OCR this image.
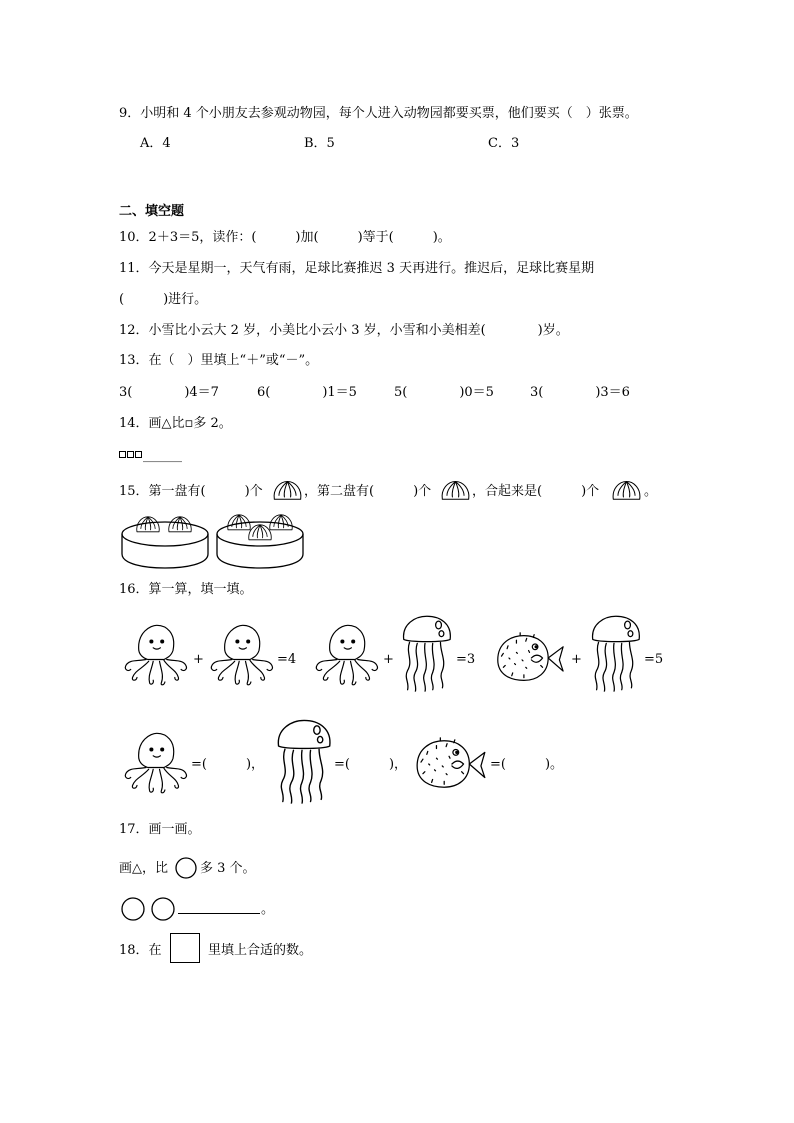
9．小明和 4 个小朋友去参观动物园，每个人进入动物园都要买票，他们要买（　）张票。
A．4	B．5	C．3
二、填空题
10．2＋3＝5，读作：(　　　)加(　　　)等于(　　　)。
11．今天是星期一，天气有雨，足球比赛推迟 3 天再进行。推迟后，足球比赛星期
(　　　)进行。
12．小雪比小云大 2 岁，小美比小云小 3 岁，小雪和小美相差(　　　　)岁。
13．在（　）里填上“＋”或“－”。
3(　　　　)4＝7	6(　　　　)1＝5	5(　　　　)0＝5	3(　　　　)3＝6
14．画△比▫多 2。
______
15．第一盘有(　　　)个	，第二盘有(　　　)个	，合起来是(　　　)个	。
16．算一算，填一填。
+	=4	+	=3	+	=5
=(　　　)，	=(　　　)，	=(　　　)。
17．画一画。
画△，比 多 3 个。
。
18．在	里填上合适的数。
